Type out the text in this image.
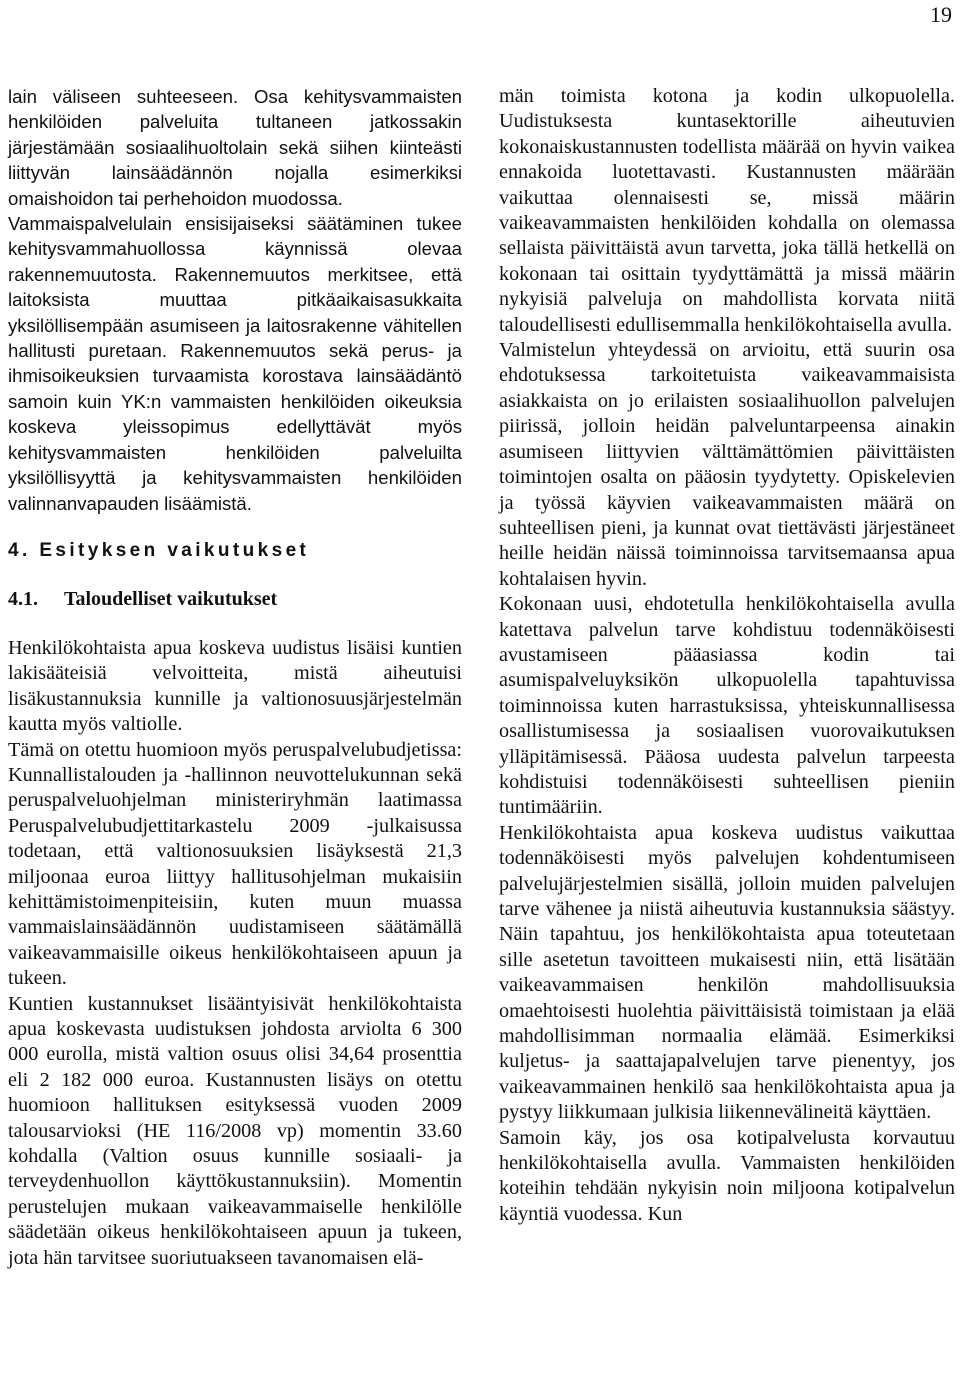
19

lain väliseen suhteeseen. Osa kehitysvammaisten henkilöiden palveluita tultaneen jatkossakin järjestämään sosiaalihuoltolain sekä siihen kiinteästi liittyvän lainsäädännön nojalla esimerkiksi omaishoidon tai perhehoidon muodossa.

Vammaispalvelulain ensisijaiseksi säätäminen tukee kehitysvammahuollossa käynnissä olevaa rakennemuutosta. Rakennemuutos merkitsee, että laitoksista muuttaa pitkäaikaisasukkaita yksilöllisempään asumiseen ja laitosrakenne vähitellen hallitusti puretaan. Rakennemuutos sekä perus- ja ihmisoikeuksien turvaamista korostava lainsäädäntö samoin kuin YK:n vammaisten henkilöiden oikeuksia koskeva yleissopimus edellyttävät myös kehitysvammaisten henkilöiden palveluilta yksilöllisyyttä ja kehitysvammaisten henkilöiden valinnanvapauden lisäämistä.

4. Esityksen vaikutukset
4.1. Taloudelliset vaikutukset

Henkilökohtaista apua koskeva uudistus lisäisi kuntien lakisääteisiä velvoitteita, mistä aiheutuisi lisäkustannuksia kunnille ja valtionosuusjärjestelmän kautta myös valtiolle.

Tämä on otettu huomioon myös peruspalvelubudjetissa: Kunnallistalouden ja -hallinnon neuvottelukunnan sekä peruspalveluohjelman ministeriryhmän laatimassa Peruspalvelubudjettitarkastelu 2009 -julkaisussa todetaan, että valtionosuuksien lisäyksestä 21,3 miljoonaa euroa liittyy hallitusohjelman mukaisiin kehittämistoimenpiteisiin, kuten muun muassa vammaislainsäädännön uudistamiseen säätämällä vaikeavammaisille oikeus henkilökohtaiseen apuun ja tukeen.

Kuntien kustannukset lisääntyisivät henkilökohtaista apua koskevasta uudistuksen johdosta arviolta 6 300 000 eurolla, mistä valtion osuus olisi 34,64 prosenttia eli 2 182 000 euroa. Kustannusten lisäys on otettu huomioon hallituksen esityksessä vuoden 2009 talousarvioksi (HE 116/2008 vp) momentin 33.60 kohdalla (Valtion osuus kunnille sosiaali- ja terveydenhuollon käyttökustannuksiin). Momentin perustelujen mukaan vaikeavammaiselle henkilölle säädetään oikeus henkilökohtaiseen apuun ja tukeen, jota hän tarvitsee suoriutuakseen tavanomaisen elä-

män toimista kotona ja kodin ulkopuolella. Uudistuksesta kuntasektorille aiheutuvien kokonaiskustannusten todellista määrää on hyvin vaikea ennakoida luotettavasti. Kustannusten määrään vaikuttaa olennaisesti se, missä määrin vaikeavammaisten henkilöiden kohdalla on olemassa sellaista päivittäistä avun tarvetta, joka tällä hetkellä on kokonaan tai osittain tyydyttämättä ja missä määrin nykyisiä palveluja on mahdollista korvata niitä taloudellisesti edullisemmalla henkilökohtaisella avulla.

Valmistelun yhteydessä on arvioitu, että suurin osa ehdotuksessa tarkoitetuista vaikeavammaisista asiakkaista on jo erilaisten sosiaalihuollon palvelujen piirissä, jolloin heidän palveluntarpeensa ainakin asumiseen liittyvien välttämättömien päivittäisten toimintojen osalta on pääosin tyydytetty. Opiskelevien ja työssä käyvien vaikeavammaisten määrä on suhteellisen pieni, ja kunnat ovat tiettävästi järjestäneet heille heidän näissä toiminnoissa tarvitsemaansa apua kohtalaisen hyvin.

Kokonaan uusi, ehdotetulla henkilökohtaisella avulla katettava palvelun tarve kohdistuu todennäköisesti avustamiseen pääasiassa kodin tai asumispalveluyksikön ulkopuolella tapahtuvissa toiminnoissa kuten harrastuksissa, yhteiskunnallisessa osallistumisessa ja sosiaalisen vuorovaikutuksen ylläpitämisessä. Pääosa uudesta palvelun tarpeesta kohdistuisi todennäköisesti suhteellisen pieniin tuntimääriin.

Henkilökohtaista apua koskeva uudistus vaikuttaa todennäköisesti myös palvelujen kohdentumiseen palvelujärjestelmien sisällä, jolloin muiden palvelujen tarve vähenee ja niistä aiheutuvia kustannuksia säästyy. Näin tapahtuu, jos henkilökohtaista apua toteutetaan sille asetetun tavoitteen mukaisesti niin, että lisätään vaikeavammaisen henkilön mahdollisuuksia omaehtoisesti huolehtia päivittäisistä toimistaan ja elää mahdollisimman normaalia elämää. Esimerkiksi kuljetus- ja saattajapalvelujen tarve pienentyy, jos vaikeavammainen henkilö saa henkilökohtaista apua ja pystyy liikkumaan julkisia liikennevälineitä käyttäen.

Samoin käy, jos osa kotipalvelusta korvautuu henkilökohtaisella avulla. Vammaisten henkilöiden koteihin tehdään nykyisin noin miljoona kotipalvelun käyntiä vuodessa. Kun
